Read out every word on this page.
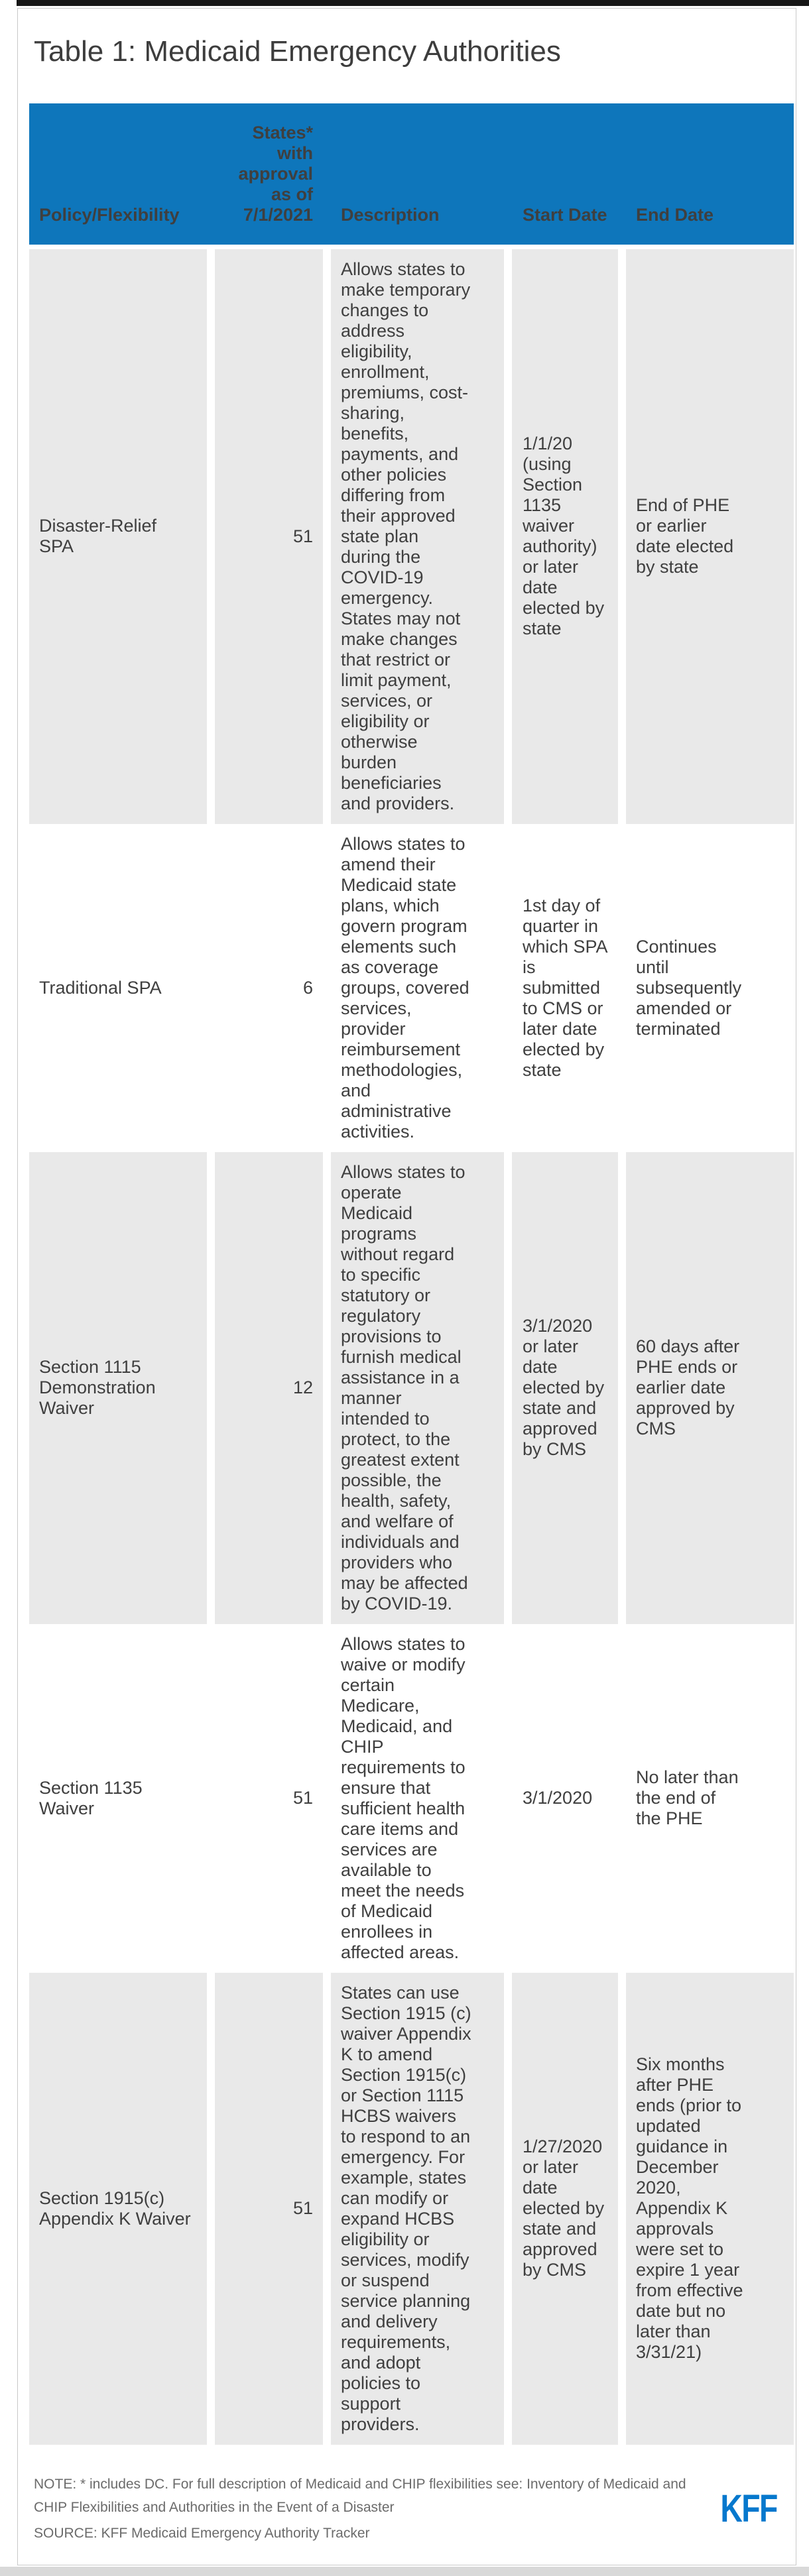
Table 1: Medicaid Emergency Authorities
Policy/Flexibility
States* with approval as of 7/1/2021 Description	Start Date End Date
Disaster-Relief SPA
51
Allows states to make temporary changes to address eligibility, enrollment, premiums, cost-sharing, benefits, payments, and other policies differing from their approved state plan during the COVID-19 emergency. States may not make changes that restrict or limit payment, services, or eligibility or otherwise burden beneficiaries and providers.
1/1/20 (using Section 1135 waiver authority) or later date elected by state
End of PHE or earlier date elected by state
Traditional SPA	6
Allows states to amend their Medicaid state plans, which govern program elements such as coverage groups, covered services, provider reimbursement methodologies, and administrative activities.
1st day of quarter in which SPA is submitted to CMS or later date elected by state
Continues until subsequently amended or terminated
Section 1115 Demonstration Waiver
12
Allows states to operate Medicaid programs without regard to specific statutory or regulatory provisions to furnish medical assistance in a manner intended to protect, to the greatest extent possible, the health, safety, and welfare of individuals and providers who may be affected by COVID-19.
3/1/2020 or later date elected by state and approved by CMS
60 days after PHE ends or earlier date approved by CMS
Section 1135 Waiver
51
Allows states to waive or modify certain Medicare, Medicaid, and CHIP requirements to ensure that sufficient health care items and services are available to meet the needs of Medicaid enrollees in affected areas.
3/1/2020
No later than the end of the PHE
Section 1915(c) Appendix K Waiver
51
States can use Section 1915 (c) waiver Appendix K to amend Section 1915(c) or Section 1115 HCBS waivers to respond to an emergency. For example, states can modify or expand HCBS eligibility or services, modify or suspend service planning and delivery requirements, and adopt policies to support providers.
1/27/2020 or later date elected by state and approved by CMS
Six months after PHE ends (prior to updated guidance in December 2020, Appendix K approvals were set to expire 1 year from effective date but no later than 3/31/21)

NOTE: * includes DC. For full description of Medicaid and CHIP flexibilities see: Inventory of Medicaid and CHIP Flexibilities and Authorities in the Event of a Disaster

SOURCE: KFF Medicaid Emergency Authority Tracker

KFF
